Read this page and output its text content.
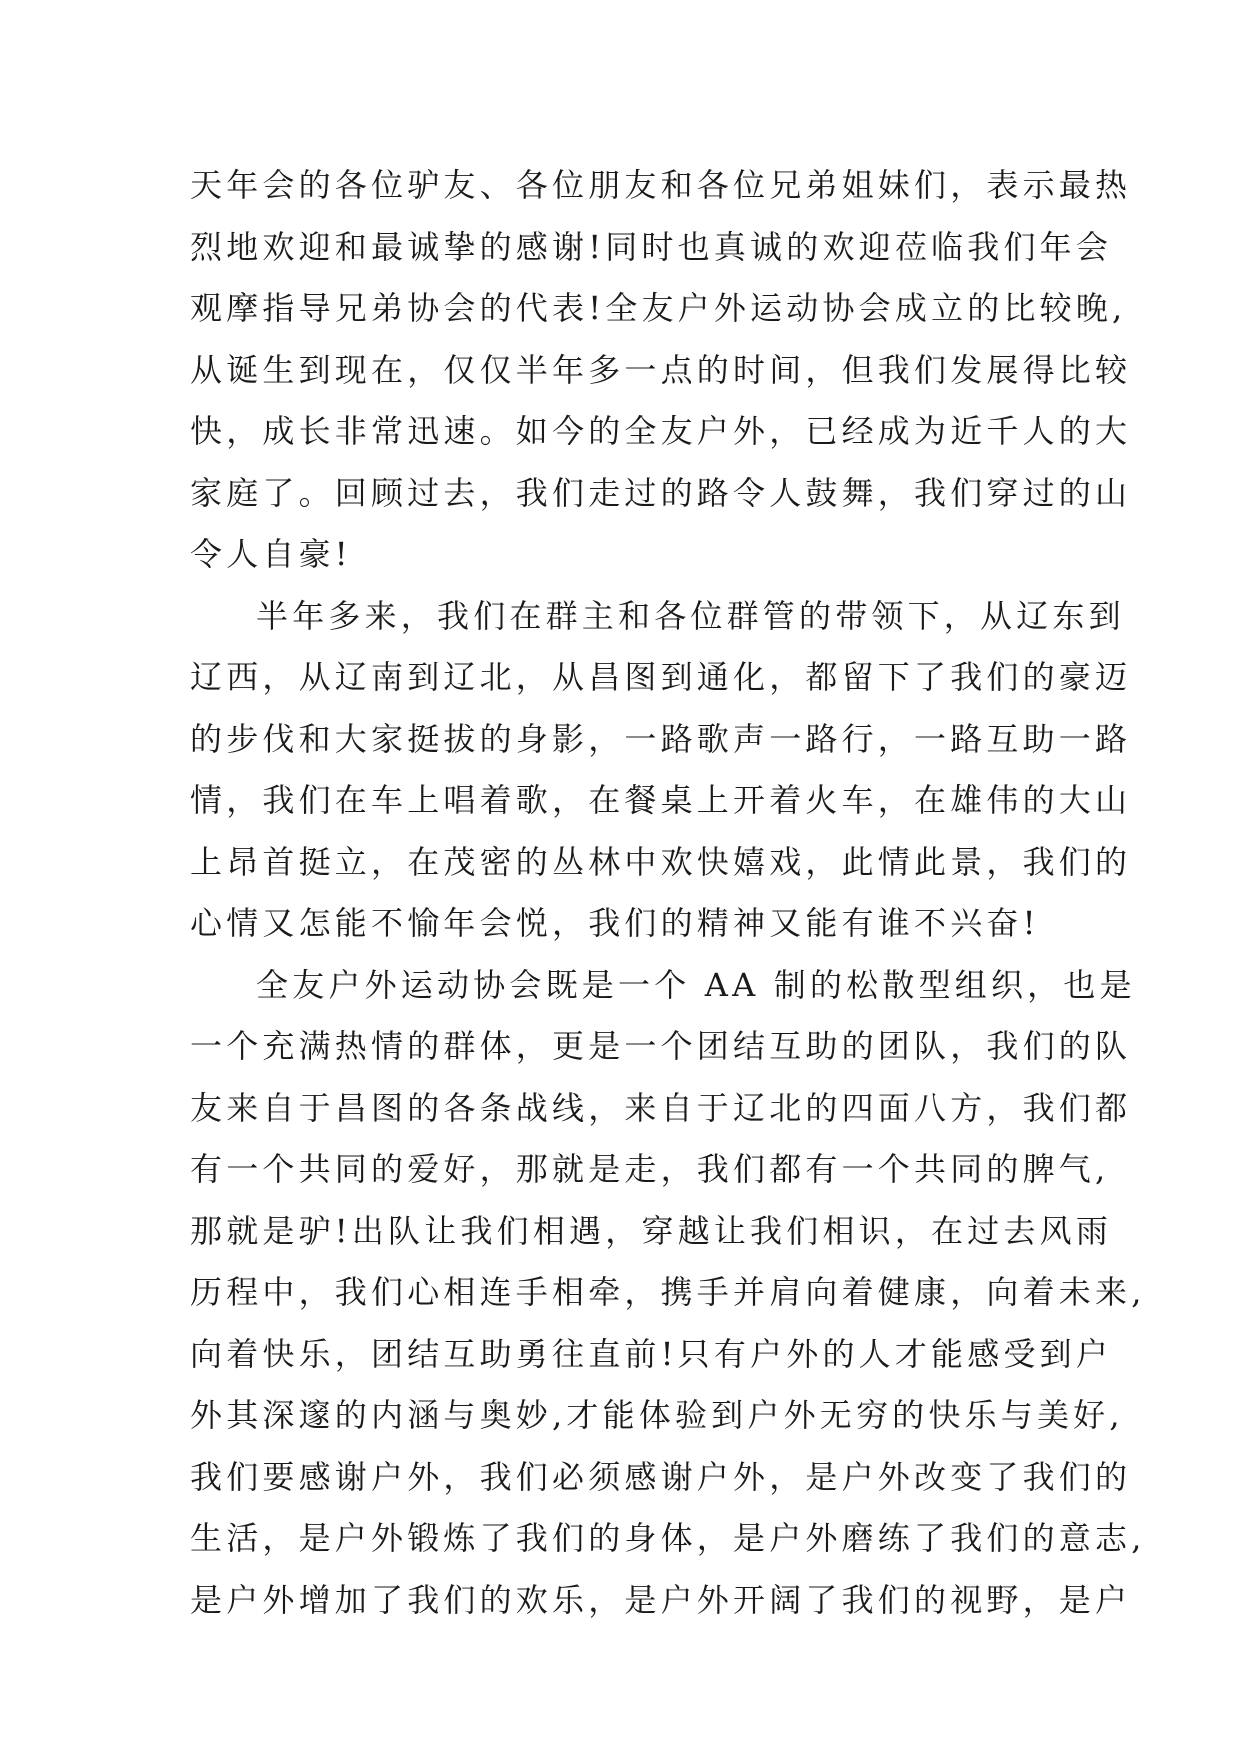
天年会的各位驴友、各位朋友和各位兄弟姐妹们，表示最热
烈地欢迎和最诚挚的感谢!同时也真诚的欢迎莅临我们年会
观摩指导兄弟协会的代表!全友户外运动协会成立的比较晚,
从诞生到现在，仅仅半年多一点的时间，但我们发展得比较
快，成长非常迅速。如今的全友户外，已经成为近千人的大
家庭了。回顾过去，我们走过的路令人鼓舞，我们穿过的山
令人自豪!
半年多来，我们在群主和各位群管的带领下，从辽东到
辽西，从辽南到辽北，从昌图到通化，都留下了我们的豪迈
的步伐和大家挺拔的身影，一路歌声一路行，一路互助一路
情，我们在车上唱着歌，在餐桌上开着火车，在雄伟的大山
上昂首挺立，在茂密的丛林中欢快嬉戏，此情此景，我们的
心情又怎能不愉年会悦，我们的精神又能有谁不兴奋!
全友户外运动协会既是一个 AA 制的松散型组织，也是
一个充满热情的群体，更是一个团结互助的团队，我们的队
友来自于昌图的各条战线，来自于辽北的四面八方，我们都
有一个共同的爱好，那就是走，我们都有一个共同的脾气,
那就是驴!出队让我们相遇，穿越让我们相识，在过去风雨
历程中，我们心相连手相牵，携手并肩向着健康，向着未来,
向着快乐，团结互助勇往直前!只有户外的人才能感受到户
外其深邃的内涵与奥妙,才能体验到户外无穷的快乐与美好,
我们要感谢户外，我们必须感谢户外，是户外改变了我们的
生活，是户外锻炼了我们的身体，是户外磨练了我们的意志,
是户外增加了我们的欢乐，是户外开阔了我们的视野，是户
